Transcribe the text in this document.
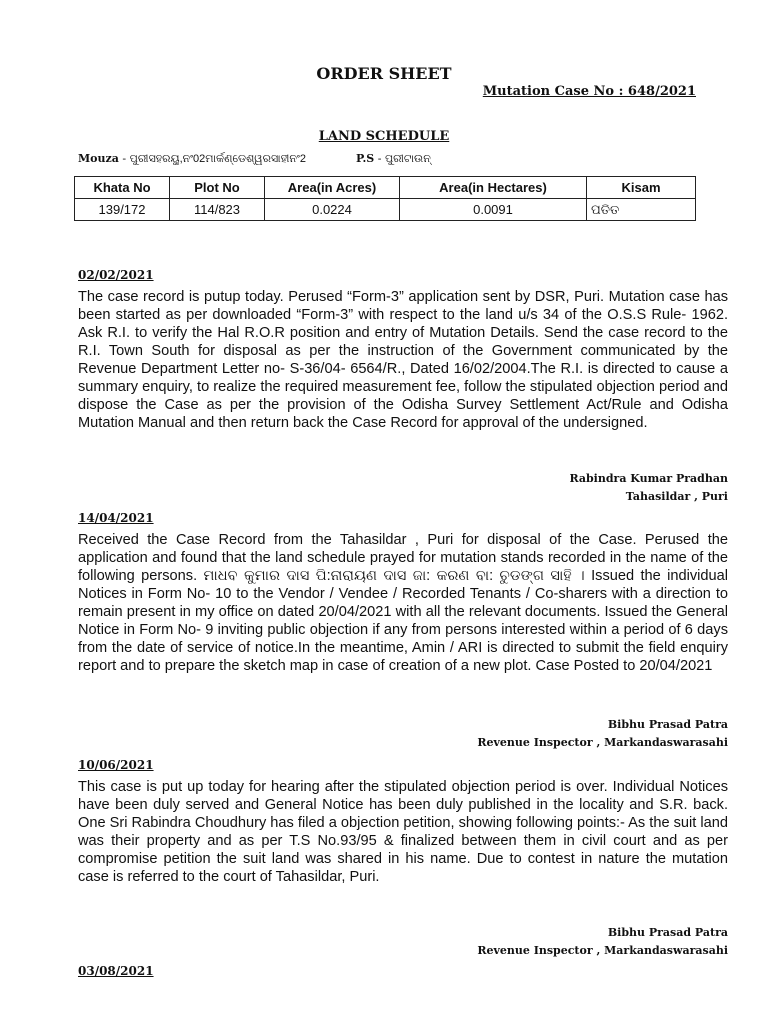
ORDER SHEET
Mutation Case No : 648/2021
LAND SCHEDULE
Mouza - ପୁରୀସହରୟୁ,ନଂ02ମାର୍କଣ୍ଡେଶ୍ୱରସାହୀନଂ2	P.S - ପୁରୀଟାଉନ୍
Khata No	Plot No	Area(in Acres)	Area(in Hectares)	Kisam
139/172	114/823	0.0224	0.0091	ପତିତ
02/02/2021
The case record is putup today. Perused “Form-3” application sent by DSR, Puri. Mutation case has been started as per downloaded “Form-3” with respect to the land u/s 34 of the O.S.S Rule- 1962. Ask R.I. to verify the Hal R.O.R position and entry of Mutation Details. Send the case record to the R.I. Town South for disposal as per the instruction of the Government communicated by the Revenue Department Letter no- S-36/04- 6564/R., Dated 16/02/2004.The R.I. is directed to cause a summary enquiry, to realize the required measurement fee, follow the stipulated objection period and dispose the Case as per the provision of the Odisha Survey Settlement Act/Rule and Odisha Mutation Manual and then return back the Case Record for approval of the undersigned.
Rabindra Kumar Pradhan
Tahasildar , Puri
14/04/2021
Received the Case Record from the Tahasildar , Puri for disposal of the Case. Perused the application and found that the land schedule prayed for mutation stands recorded in the name of the following persons. ମାଧବ କୁମାର ଦାସ ପି:ନାରାୟଣ ଦାସ ଜା: କରଣ ବା: ଚୁଡଙ୍ଗ ସାହି । Issued the individual Notices in Form No- 10 to the Vendor / Vendee / Recorded Tenants / Co-sharers with a direction to remain present in my office on dated 20/04/2021 with all the relevant documents. Issued the General Notice in Form No- 9 inviting public objection if any from persons interested within a period of 6 days from the date of service of notice.In the meantime, Amin / ARI is directed to submit the field enquiry report and to prepare the sketch map in case of creation of a new plot. Case Posted to 20/04/2021
Bibhu Prasad Patra
Revenue Inspector , Markandaswarasahi
10/06/2021
This case is put up today for hearing after the stipulated objection period is over. Individual Notices have been duly served and General Notice has been duly published in the locality and S.R. back. One Sri Rabindra Choudhury has filed a objection petition, showing following points:- As the suit land was their property and as per T.S No.93/95 & finalized between them in civil court and as per compromise petition the suit land was shared in his name. Due to contest in nature the mutation case is referred to the court of Tahasildar, Puri.
Bibhu Prasad Patra
Revenue Inspector , Markandaswarasahi
03/08/2021
